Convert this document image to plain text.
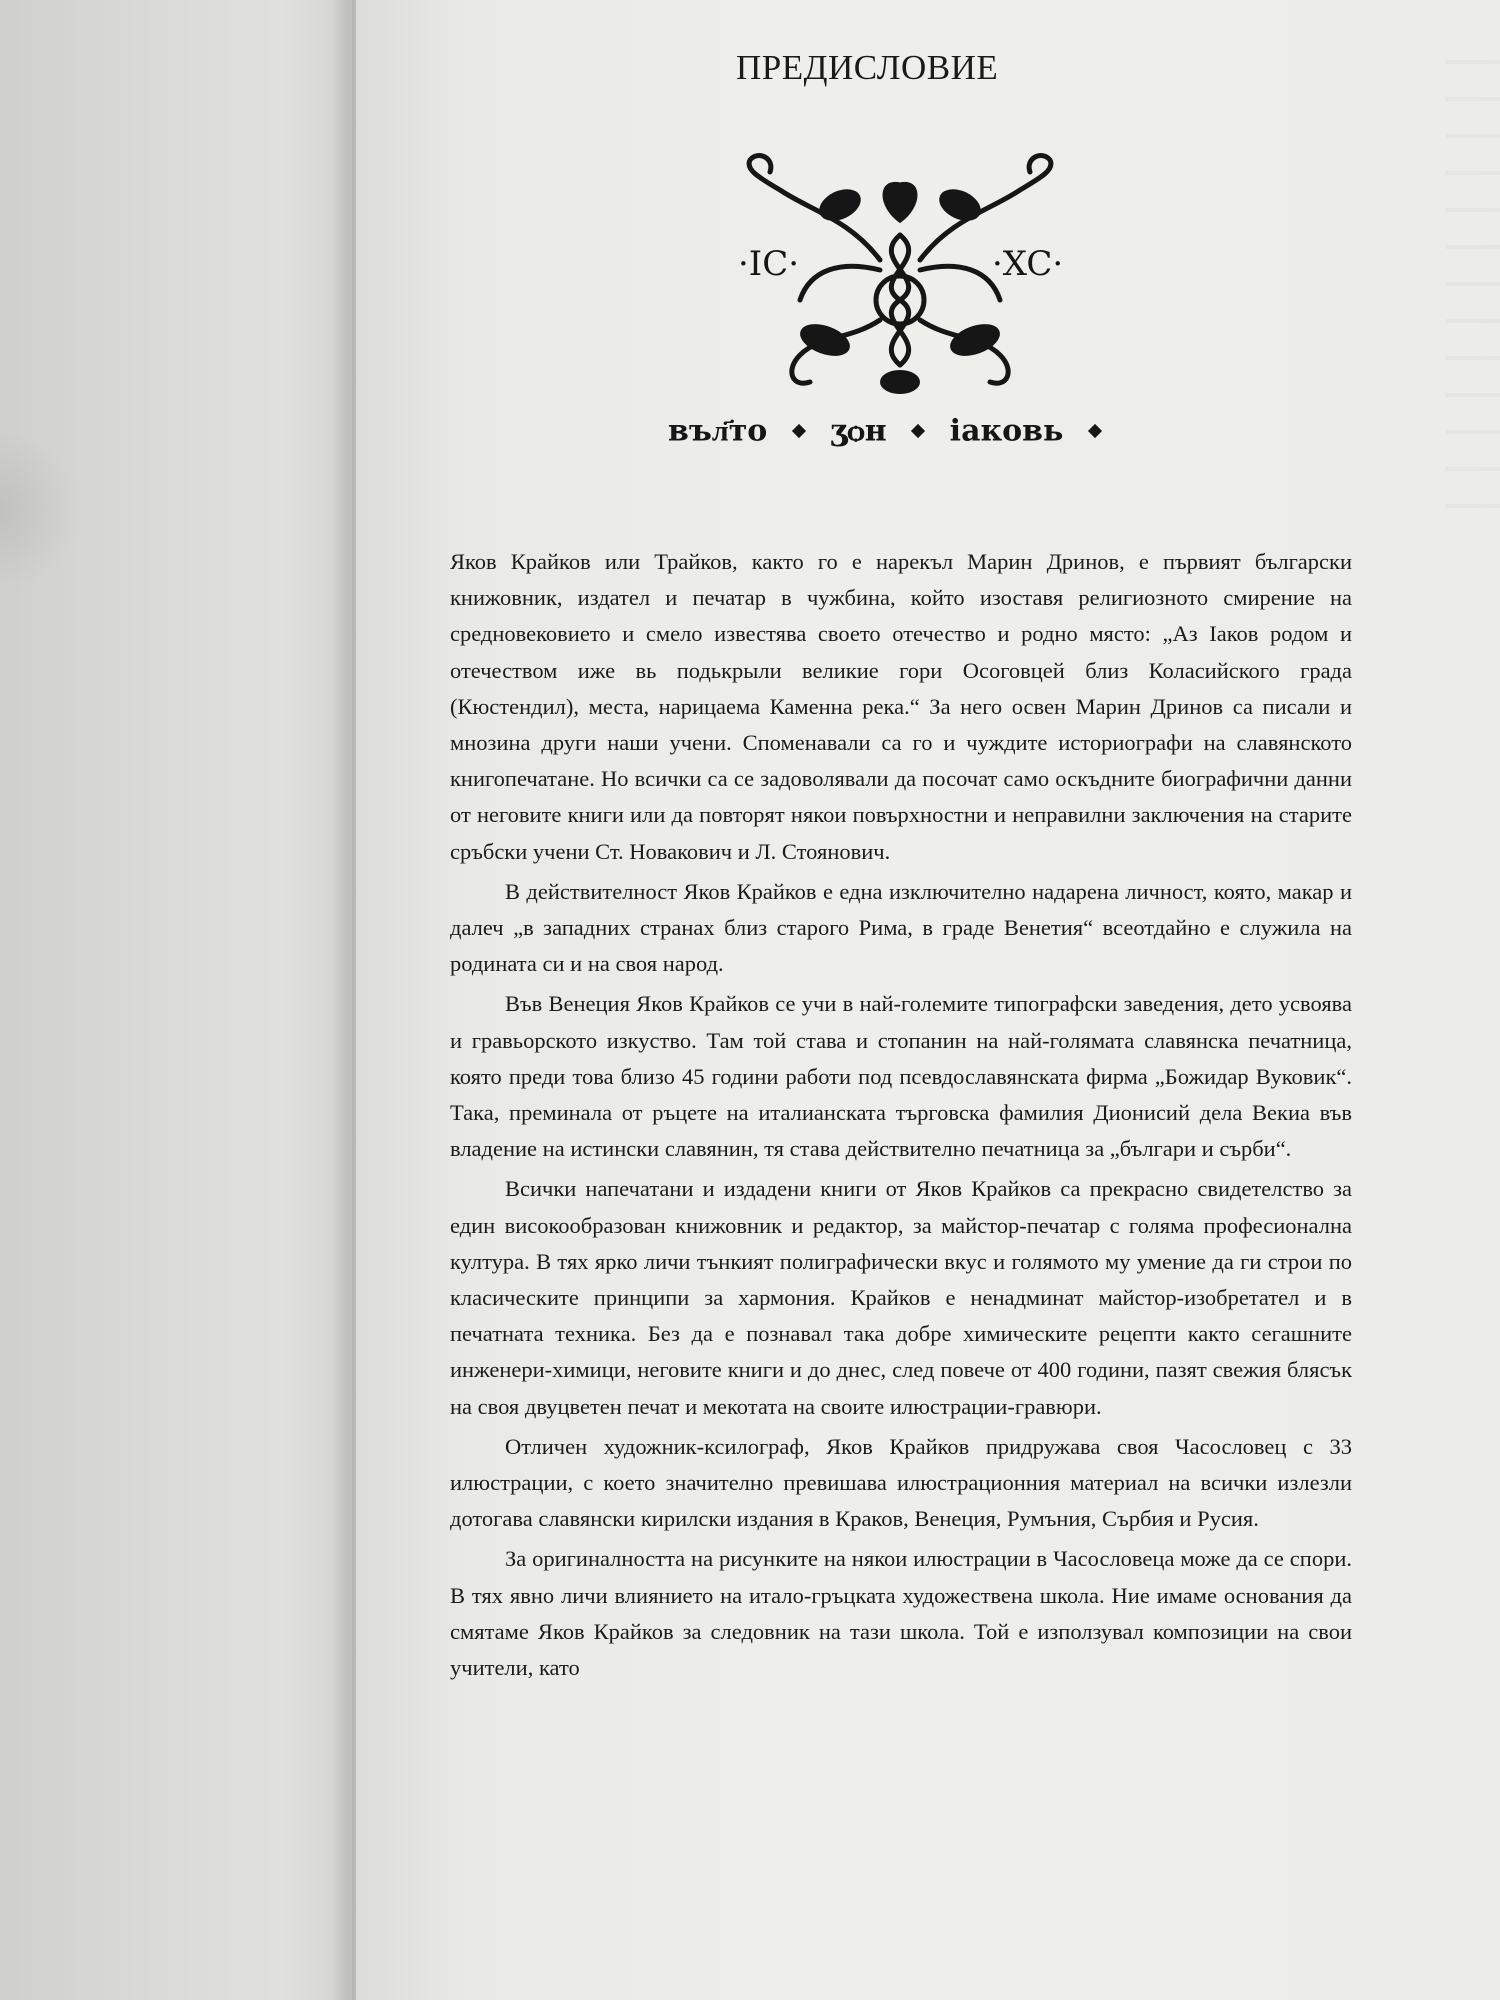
ПРЕДИСЛОВИЕ
·IC·	·XC·
въл҃то ӡѻн іаковь

Яков Крайков или Трайков, както го е нарекъл Марин Дринов, е първият български книжовник, издател и печатар в чужбина, който изоставя религиозното смирение на средновековието и смело известява своето отечество и родно място: „Аз Іаков родом и отечеством иже вь подькрыли великие гори Осоговцей близ Коласийского града (Кюстендил), места, нарицаема Каменна река.“ За него освен Марин Дринов са писали и мнозина други наши учени. Споменавали са го и чуждите историографи на славянското книгопечатане. Но всички са се задоволявали да посочат само оскъдните биографични данни от неговите книги или да повторят някои повърхностни и неправилни заключения на старите сръбски учени Ст. Новакович и Л. Стоянович.

В действителност Яков Крайков е една изключително надарена личност, която, макар и далеч „в западних странах близ старого Рима, в граде Венетия“ всеотдайно е служила на родината си и на своя народ.

Във Венеция Яков Крайков се учи в най-големите типографски заведения, дето усвоява и гравьорското изкуство. Там той става и стопанин на най-голямата славянска печатница, която преди това близо 45 години работи под псевдославянската фирма „Божидар Вуковик“. Така, преминала от ръцете на италианската търговска фамилия Дионисий дела Векиа във владение на истински славянин, тя става действително печатница за „българи и сърби“.

Всички напечатани и издадени книги от Яков Крайков са прекрасно свидетелство за един високообразован книжовник и редактор, за майстор-печатар с голяма професионална култура. В тях ярко личи тънкият полиграфически вкус и голямото му умение да ги строи по класическите принципи за хармония. Крайков е ненадминат майстор-изобретател и в печатната техника. Без да е познавал така добре химическите рецепти както сегашните инженери-химици, неговите книги и до днес, след повече от 400 години, пазят свежия блясък на своя двуцветен печат и мекотата на своите илюстрации-гравюри.

Отличен художник-ксилограф, Яков Крайков придружава своя Часословец с 33 илюстрации, с което значително превишава илюстрационния материал на всички излезли дотогава славянски кирилски издания в Краков, Венеция, Румъния, Сърбия и Русия.

За оригиналността на рисунките на някои илюстрации в Часослoвеца може да се спори. В тях явно личи влиянието на итало-гръцката художествена школа. Ние имаме основания да смятаме Яков Крайков за следовник на тази школа. Той е използувал композиции на свои учители, като
